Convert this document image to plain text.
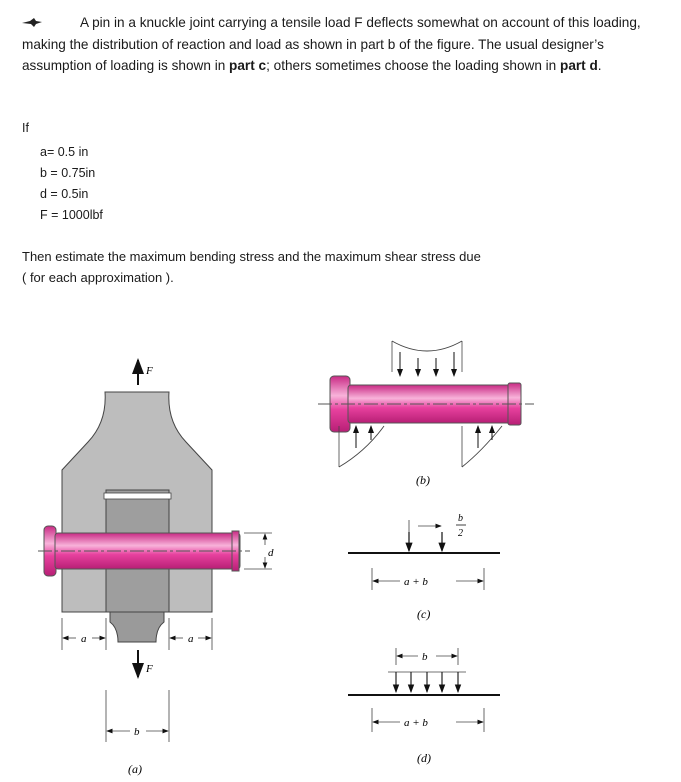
A pin in a knuckle joint carrying a tensile load F deflects somewhat on account of this loading, making the distribution of reaction and load as shown in part b of the figure. The usual designer’s assumption of loading is shown in part c; others sometimes choose the loading shown in part d.
If
a= 0.5 in
b = 0.75in
d = 0.5in
F = 1000lbf
Then estimate the maximum bending stress and the maximum shear stress due
( for each approximation ).
F
F
d
a	a
b
(a)
(b)
b
2
a + b
(c)
b
a + b
(d)
